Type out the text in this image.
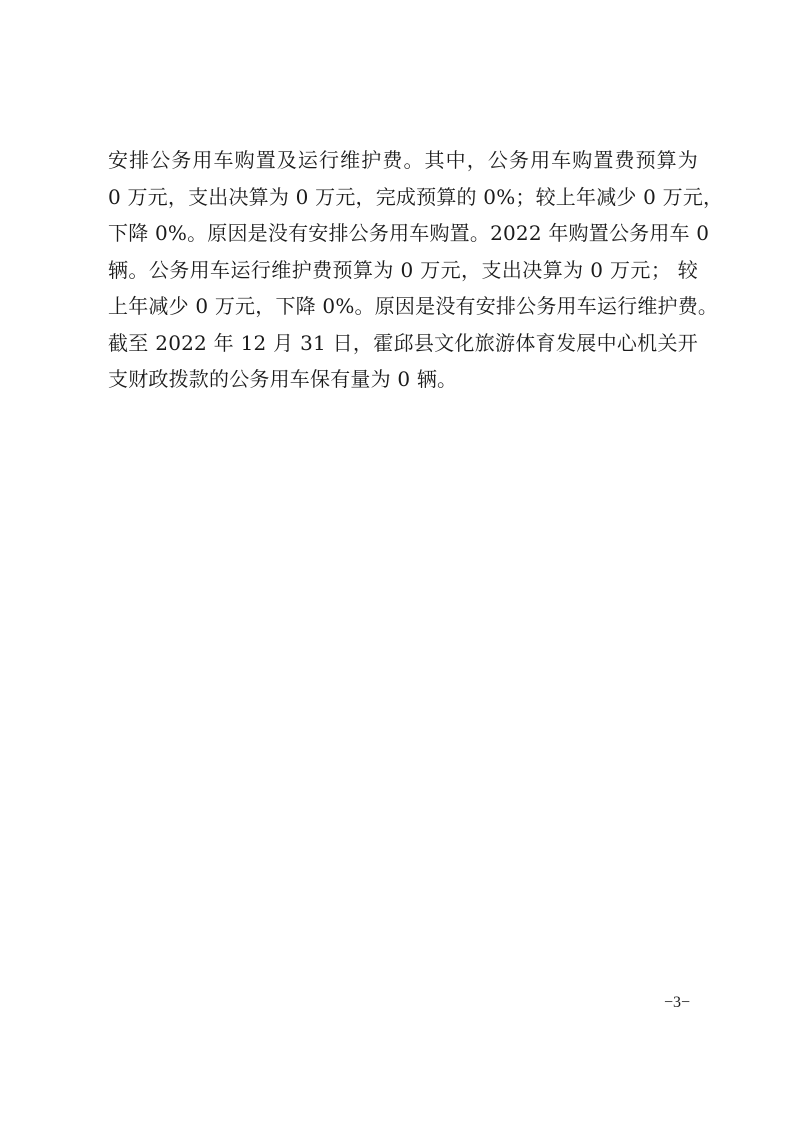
安排公务用车购置及运行维护费。其中，公务用车购置费预算为
0 万元，支出决算为 0 万元，完成预算的 0%；较上年减少 0 万元，
下降 0%。原因是没有安排公务用车购置。2022 年购置公务用车 0
辆。公务用车运行维护费预算为 0 万元，支出决算为 0 万元； 较
上年减少 0 万元，下降 0%。原因是没有安排公务用车运行维护费。
截至 2022 年 12 月 31 日，霍邱县文化旅游体育发展中心机关开
支财政拨款的公务用车保有量为 0 辆。
−3−
